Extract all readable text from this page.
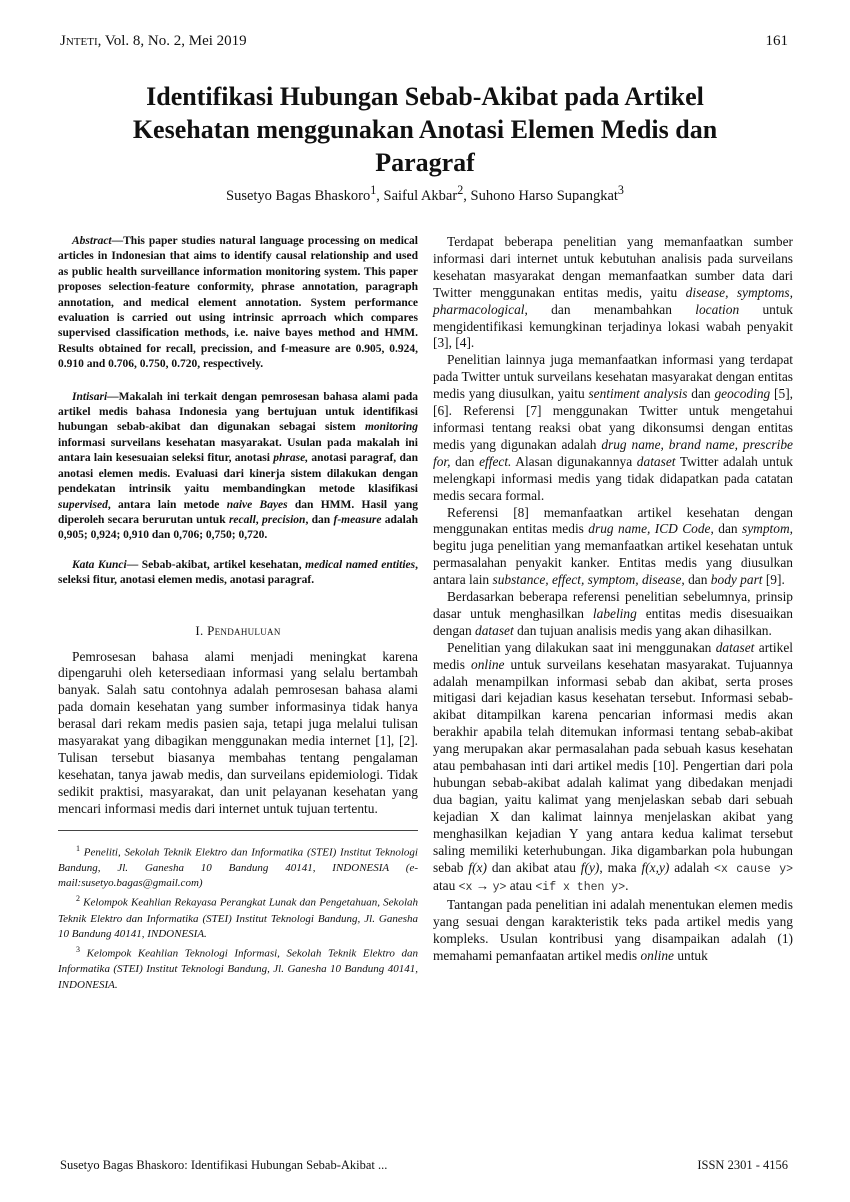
Jnteti, Vol. 8, No. 2, Mei 2019	161
Identifikasi Hubungan Sebab-Akibat pada Artikel Kesehatan menggunakan Anotasi Elemen Medis dan Paragraf
Susetyo Bagas Bhaskoro$^1$, Saiful Akbar$^2$, Suhono Harso Supangkat$^3$

Abstract—This paper studies natural language processing on medical articles in Indonesian that aims to identify causal relationship and used as public health surveillance information monitoring system. This paper proposes selection-feature conformity, phrase annotation, paragraph annotation, and medical element annotation. System performance evaluation is carried out using intrinsic aprroach which compares supervised classification methods, i.e. naive bayes method and HMM. Results obtained for recall, precission, and f-measure are 0.905, 0.924, 0.910 and 0.706, 0.750, 0.720, respectively.

Intisari—Makalah ini terkait dengan pemrosesan bahasa alami pada artikel medis bahasa Indonesia yang bertujuan untuk identifikasi hubungan sebab-akibat dan digunakan sebagai sistem monitoring informasi surveilans kesehatan masyarakat. Usulan pada makalah ini antara lain kesesuaian seleksi fitur, anotasi phrase, anotasi paragraf, dan anotasi elemen medis. Evaluasi dari kinerja sistem dilakukan dengan pendekatan intrinsik yaitu membandingkan metode klasifikasi supervised, antara lain metode naive Bayes dan HMM. Hasil yang diperoleh secara berurutan untuk recall, precision, dan f-measure adalah 0,905; 0,924; 0,910 dan 0,706; 0,750; 0,720.

Kata Kunci— Sebab-akibat, artikel kesehatan, medical named entities, seleksi fitur, anotasi elemen medis, anotasi paragraf.

I. Pendahuluan

Pemrosesan bahasa alami menjadi meningkat karena dipengaruhi oleh ketersediaan informasi yang selalu bertambah banyak. Salah satu contohnya adalah pemrosesan bahasa alami pada domain kesehatan yang sumber informasinya tidak hanya berasal dari rekam medis pasien saja, tetapi juga melalui tulisan masyarakat yang dibagikan menggunakan media internet [1], [2]. Tulisan tersebut biasanya membahas tentang pengalaman kesehatan, tanya jawab medis, dan surveilans epidemiologi. Tidak sedikit praktisi, masyarakat, dan unit pelayanan kesehatan yang mencari informasi medis dari internet untuk tujuan tertentu.

$^1$ Peneliti, Sekolah Teknik Elektro dan Informatika (STEI) Institut Teknologi Bandung, Jl. Ganesha 10 Bandung 40141, INDONESIA (e-mail:susetyo.bagas@gmail.com)

$^2$ Kelompok Keahlian Rekayasa Perangkat Lunak dan Pengetahuan, Sekolah Teknik Elektro dan Informatika (STEI) Institut Teknologi Bandung, Jl. Ganesha 10 Bandung 40141, INDONESIA.

$^3$ Kelompok Keahlian Teknologi Informasi, Sekolah Teknik Elektro dan Informatika (STEI) Institut Teknologi Bandung, Jl. Ganesha 10 Bandung 40141, INDONESIA.

Terdapat beberapa penelitian yang memanfaatkan sumber informasi dari internet untuk kebutuhan analisis pada surveilans kesehatan masyarakat dengan memanfaatkan sumber data dari Twitter menggunakan entitas medis, yaitu disease, symptoms, pharmacological, dan menambahkan location untuk mengidentifikasi kemungkinan terjadinya lokasi wabah penyakit [3], [4].

Penelitian lainnya juga memanfaatkan informasi yang terdapat pada Twitter untuk surveilans kesehatan masyarakat dengan entitas medis yang diusulkan, yaitu sentiment analysis dan geocoding [5], [6]. Referensi [7] menggunakan Twitter untuk mengetahui informasi tentang reaksi obat yang dikonsumsi dengan entitas medis yang digunakan adalah drug name, brand name, prescribe for, dan effect. Alasan digunakannya dataset Twitter adalah untuk melengkapi informasi medis yang tidak didapatkan pada catatan medis secara formal.

Referensi [8] memanfaatkan artikel kesehatan dengan menggunakan entitas medis drug name, ICD Code, dan symptom, begitu juga penelitian yang memanfaatkan artikel kesehatan untuk permasalahan penyakit kanker. Entitas medis yang diusulkan antara lain substance, effect, symptom, disease, dan body part [9].

Berdasarkan beberapa referensi penelitian sebelumnya, prinsip dasar untuk menghasilkan labeling entitas medis disesuaikan dengan dataset dan tujuan analisis medis yang akan dihasilkan.

Penelitian yang dilakukan saat ini menggunakan dataset artikel medis online untuk surveilans kesehatan masyarakat. Tujuannya adalah menampilkan informasi sebab dan akibat, serta proses mitigasi dari kejadian kasus kesehatan tersebut. Informasi sebab-akibat ditampilkan karena pencarian informasi medis akan berakhir apabila telah ditemukan informasi tentang sebab-akibat yang merupakan akar permasalahan pada sebuah kasus kesehatan atau pembahasan inti dari artikel medis [10]. Pengertian dari pola hubungan sebab-akibat adalah kalimat yang dibedakan menjadi dua bagian, yaitu kalimat yang menjelaskan sebab dari sebuah kejadian X dan kalimat lainnya menjelaskan akibat yang menghasilkan kejadian Y yang antara kedua kalimat tersebut saling memiliki keterhubungan. Jika digambarkan pola hubungan sebab f(x) dan akibat atau f(y), maka f(x,y) adalah <x cause y> atau <x → y> atau <if x then y>.

Tantangan pada penelitian ini adalah menentukan elemen medis yang sesuai dengan karakteristik teks pada artikel medis yang kompleks. Usulan kontribusi yang disampaikan adalah (1) memahami pemanfaatan artikel medis online untuk

Susetyo Bagas Bhaskoro: Identifikasi Hubungan Sebab-Akibat ...	ISSN 2301 - 4156
